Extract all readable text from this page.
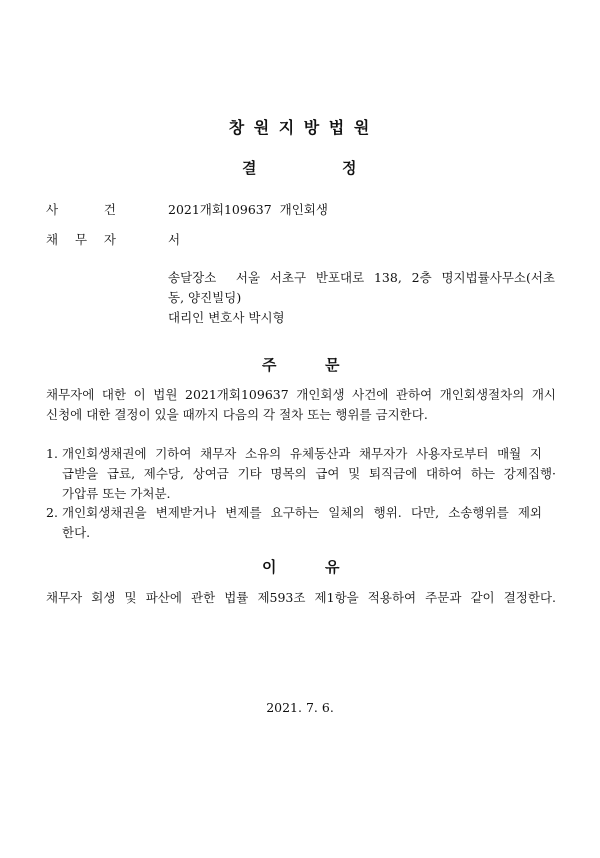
창 원 지 방 법 원
결	정
사 건	2021개회109637  개인회생
채 무 자	서
송달장소  서울 서초구 반포대로 138, 2층 명지법률사무소(서초
동, 양진빌딩)
대리인 변호사 박시형
주	문
채무자에 대한 이 법원 2021개회109637 개인회생 사건에 관하여 개인회생절차의 개시
신청에 대한 결정이 있을 때까지 다음의 각 절차 또는 행위를 금지한다.
1. 개인회생채권에 기하여 채무자 소유의 유체동산과 채무자가 사용자로부터 매월 지
급받을 급료, 제수당, 상여금 기타 명목의 급여 및 퇴직금에 대하여 하는 강제집행·
가압류 또는 가처분.
2. 개인회생채권을 변제받거나 변제를 요구하는 일체의 행위. 다만, 소송행위를 제외
한다.
이	유
채무자 회생 및 파산에 관한 법률 제593조 제1항을 적용하여 주문과 같이 결정한다.
2021. 7. 6.
